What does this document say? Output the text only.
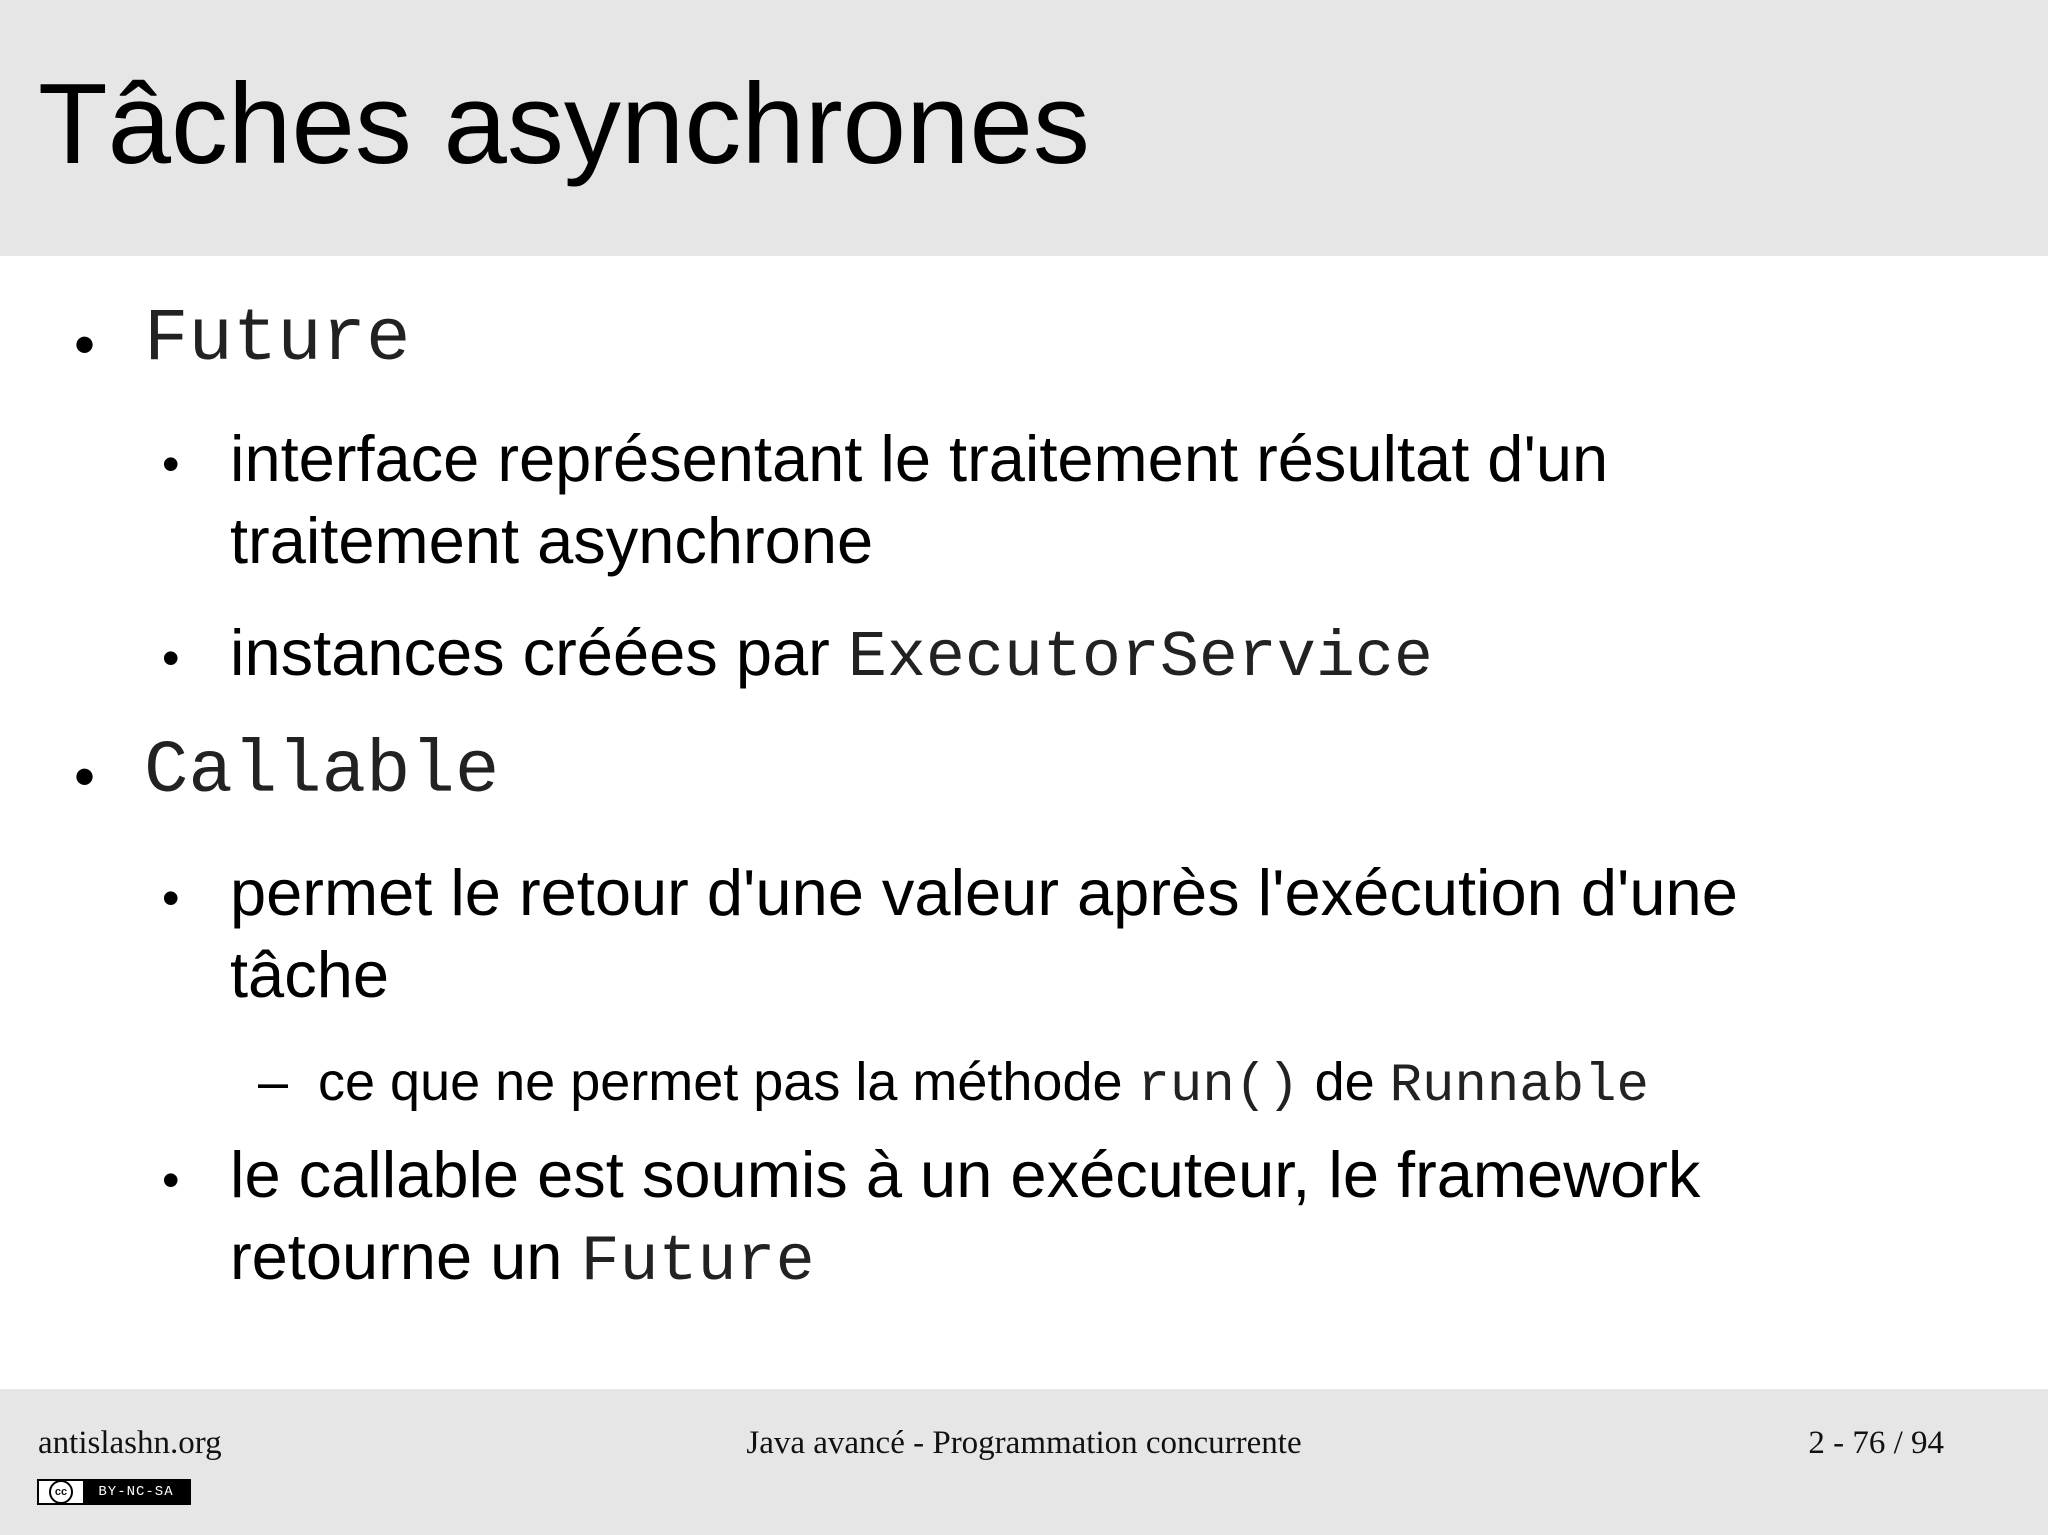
Tâches asynchrones
• Future
• interface représentant le traitement résultat d'un
traitement asynchrone
• instances créées par ExecutorService
• Callable
• permet le retour d'une valeur après l'exécution d'une
tâche
– ce que ne permet pas la méthode run() de Runnable
• le callable est soumis à un exécuteur, le framework
retourne un Future
antislashn.org	Java avancé - Programmation concurrente	2 - 76 / 94
cc	BY-NC-SA
